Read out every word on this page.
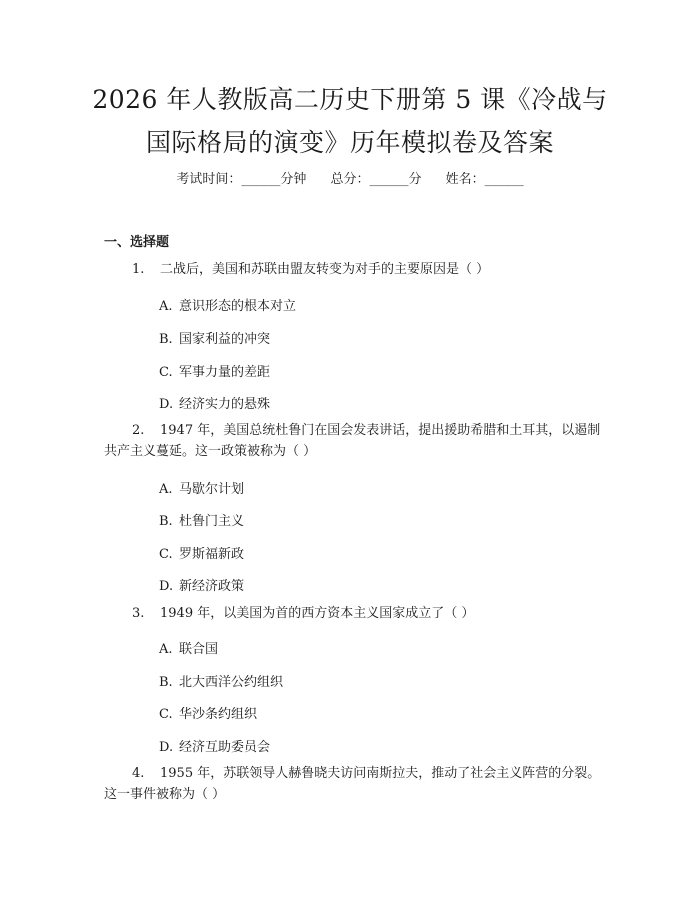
2026 年人教版高二历史下册第 5 课《冷战与
国际格局的演变》历年模拟卷及答案
考试时间：______分钟 总分：______分 姓名：______
一、选择题
1. 二战后，美国和苏联由盟友转变为对手的主要原因是（ ）
A. 意识形态的根本对立
B. 国家利益的冲突
C. 军事力量的差距
D. 经济实力的悬殊
2. 1947 年，美国总统杜鲁门在国会发表讲话，提出援助希腊和土耳其，以遏制共产主义蔓延。这一政策被称为（ ）
A. 马歇尔计划
B. 杜鲁门主义
C. 罗斯福新政
D. 新经济政策
3. 1949 年，以美国为首的西方资本主义国家成立了（ ）
A. 联合国
B. 北大西洋公约组织
C. 华沙条约组织
D. 经济互助委员会
4. 1955 年，苏联领导人赫鲁晓夫访问南斯拉夫，推动了社会主义阵营的分裂。这一事件被称为（ ）
